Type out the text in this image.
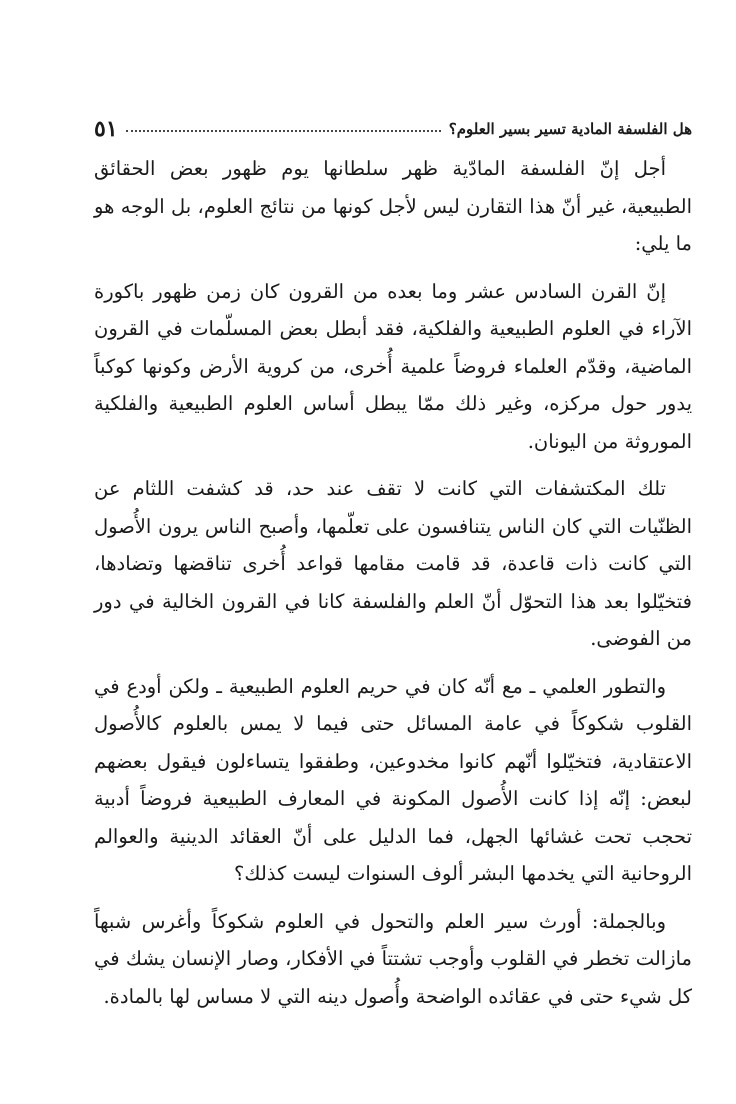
هل الفلسفة المادية تسير بسير العلوم؟
٥١

أجل إنّ الفلسفة المادّية ظهر سلطانها يوم ظهور بعض الحقائق الطبيعية، غير أنّ هذا التقارن ليس لأجل كونها من نتائج العلوم، بل الوجه هو ما يلي:

إنّ القرن السادس عشر وما بعده من القرون كان زمن ظهور باكورة الآراء في العلوم الطبيعية والفلكية، فقد أبطل بعض المسلّمات في القرون الماضية، وقدّم العلماء فروضاً علمية أُخرى، من كروية الأرض وكونها كوكباً يدور حول مركزه، وغير ذلك ممّا يبطل أساس العلوم الطبيعية والفلكية الموروثة من اليونان.

تلك المكتشفات التي كانت لا تقف عند حد، قد كشفت اللثام عن الظنّيات التي كان الناس يتنافسون على تعلّمها، وأصبح الناس يرون الأُصول التي كانت ذات قاعدة، قد قامت مقامها قواعد أُخرى تناقضها وتضادها، فتخيّلوا بعد هذا التحوّل أنّ العلم والفلسفة كانا في القرون الخالية في دور من الفوضى.

والتطور العلمي ـ مع أنّه كان في حريم العلوم الطبيعية ـ ولكن أودع في القلوب شكوكاً في عامة المسائل حتى فيما لا يمس بالعلوم كالأُصول الاعتقادية، فتخيّلوا أنّهم كانوا مخدوعين، وطفقوا يتساءلون فيقول بعضهم لبعض: إنّه إذا كانت الأُصول المكونة في المعارف الطبيعية فروضاً أدبية تحجب تحت غشائها الجهل، فما الدليل على أنّ العقائد الدينية والعوالم الروحانية التي يخدمها البشر ألوف السنوات ليست كذلك؟

وبالجملة: أورث سير العلم والتحول في العلوم شكوكاً وأغرس شبهاً مازالت تخطر في القلوب وأوجب تشتتاً في الأفكار، وصار الإنسان يشك في كل شيء حتى في عقائده الواضحة وأُصول دينه التي لا مساس لها بالمادة.
